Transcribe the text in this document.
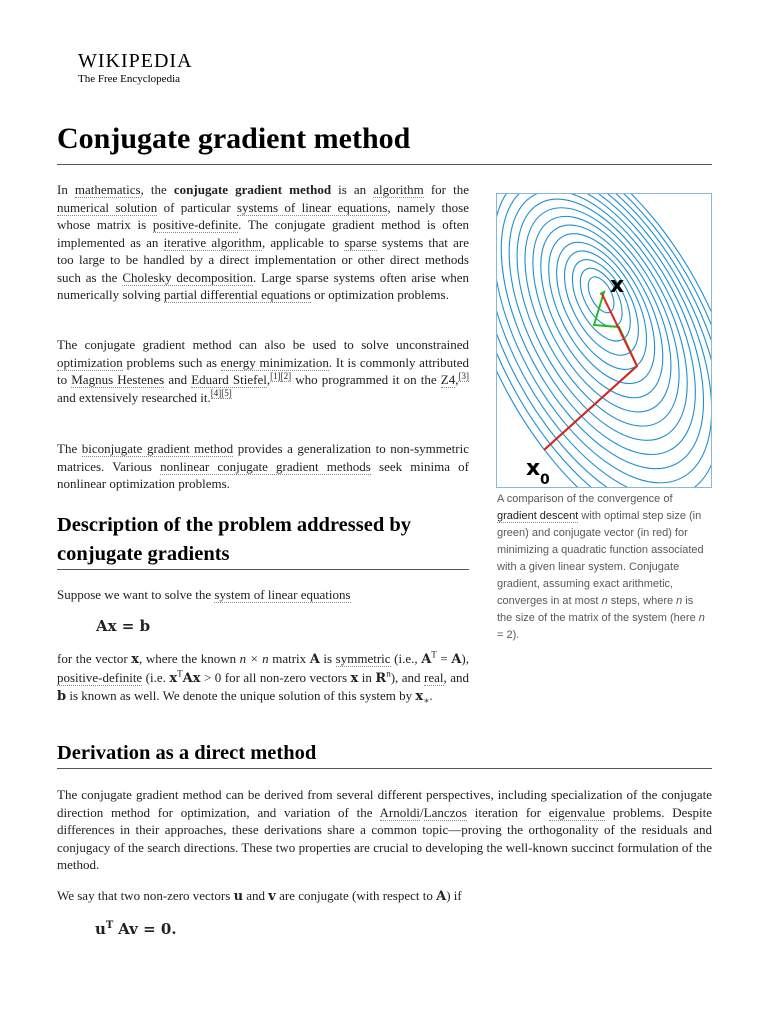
WIKIPEDIA
The Free Encyclopedia
Conjugate gradient method

In mathematics, the conjugate gradient method is an algorithm for the numerical solution of particular systems of linear equations, namely those whose matrix is positive-definite. The conjugate gradient method is often implemented as an iterative algorithm, applicable to sparse systems that are too large to be handled by a direct implementation or other direct methods such as the Cholesky decomposition. Large sparse systems often arise when numerically solving partial differential equations or optimization problems.

The conjugate gradient method can also be used to solve unconstrained optimization problems such as energy minimization. It is commonly attributed to Magnus Hestenes and Eduard Stiefel,[1][2] who programmed it on the Z4,[3] and extensively researched it.[4][5]

The biconjugate gradient method provides a generalization to non-symmetric matrices. Various nonlinear conjugate gradient methods seek minima of nonlinear optimization problems.

x
x 0

A comparison of the convergence of gradient descent with optimal step size (in green) and conjugate vector (in red) for minimizing a quadratic function associated with a given linear system. Conjugate gradient, assuming exact arithmetic, converges in at most n steps, where n is the size of the matrix of the system (here n = 2).

Description of the problem addressed by conjugate gradients

Suppose we want to solve the system of linear equations

Ax = b

for the vector x, where the known n × n matrix A is symmetric (i.e., $A^T = A$), positive-definite (i.e. $x^TAx > 0$ for all non-zero vectors x in $R^n$), and real, and b is known as well. We denote the unique solution of this system by $x_∗$.

Derivation as a direct method

The conjugate gradient method can be derived from several different perspectives, including specialization of the conjugate direction method for optimization, and variation of the Arnoldi/Lanczos iteration for eigenvalue problems. Despite differences in their approaches, these derivations share a common topic—proving the orthogonality of the residuals and conjugacy of the search directions. These two properties are crucial to developing the well-known succinct formulation of the method.

We say that two non-zero vectors u and v are conjugate (with respect to A) if

$u^T$ Av = 0.
